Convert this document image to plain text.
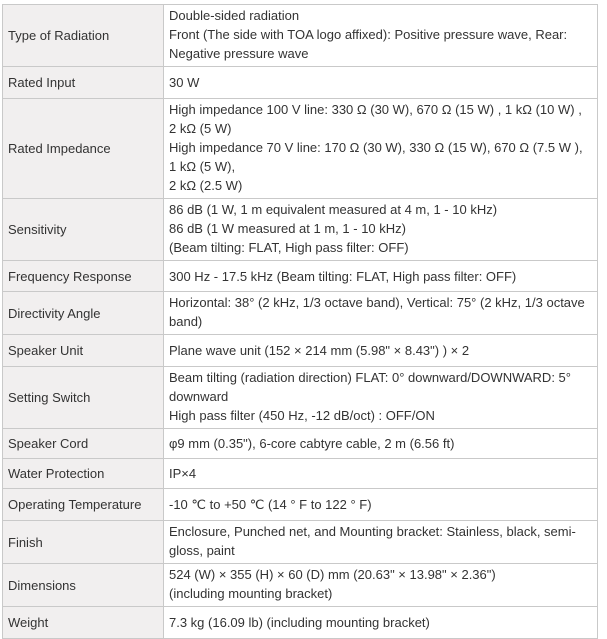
Type of Radiation	Double-sided radiation
Front (The side with TOA logo affixed): Positive pressure wave, Rear: Negative pressure wave

Rated Input	30 W

Rated Impedance	High impedance 100 V line: 330 Ω (30 W), 670 Ω (15 W) , 1 kΩ (10 W) , 2 kΩ (5 W)
High impedance 70 V line: 170 Ω (30 W), 330 Ω (15 W), 670 Ω (7.5 W ), 1 kΩ (5 W),
2 kΩ (2.5 W)

Sensitivity	86 dB (1 W, 1 m equivalent measured at 4 m, 1 - 10 kHz)
86 dB (1 W measured at 1 m, 1 - 10 kHz)
(Beam tilting: FLAT, High pass filter: OFF)

Frequency Response	300 Hz - 17.5 kHz (Beam tilting: FLAT, High pass filter: OFF)

Directivity Angle	Horizontal: 38° (2 kHz, 1/3 octave band), Vertical: 75° (2 kHz, 1/3 octave band)

Speaker Unit	Plane wave unit (152 × 214 mm (5.98" × 8.43") ) × 2

Setting Switch	Beam tilting (radiation direction) FLAT: 0° downward/DOWNWARD: 5° downward
High pass filter (450 Hz, -12 dB/oct) : OFF/ON

Speaker Cord	φ9 mm (0.35"), 6-core cabtyre cable, 2 m (6.56 ft)

Water Protection	IP×4

Operating Temperature	-10 ℃ to +50 ℃ (14 ° F to 122 ° F)

Finish	Enclosure, Punched net, and Mounting bracket: Stainless, black, semi-gloss, paint

Dimensions	524 (W) × 355 (H) × 60 (D) mm (20.63" × 13.98" × 2.36")
(including mounting bracket)

Weight	7.3 kg (16.09 lb) (including mounting bracket)
